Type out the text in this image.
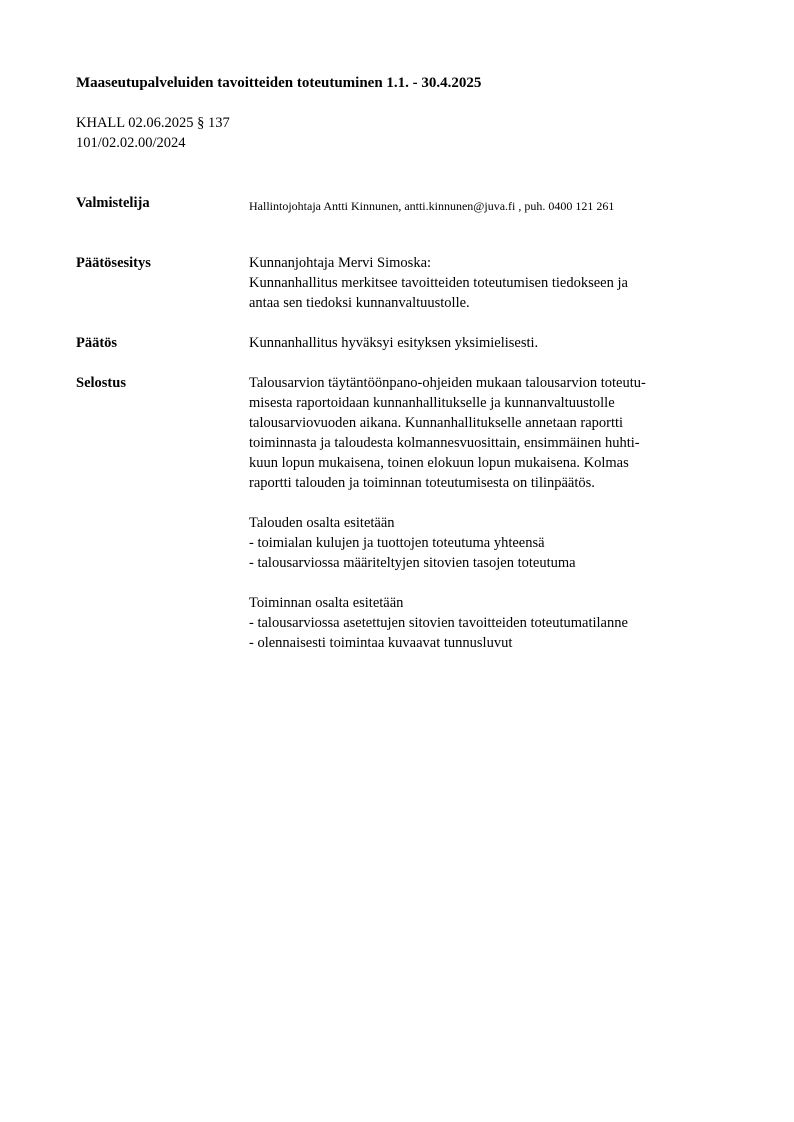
Maaseutupalveluiden tavoitteiden toteutuminen 1.1. - 30.4.2025
KHALL 02.06.2025 § 137
101/02.02.00/2024
Valmistelija	Hallintojohtaja Antti Kinnunen, antti.kinnunen@juva.fi , puh. 0400 121 261
Päätösesitys	Kunnanjohtaja Mervi Simoska:
Kunnanhallitus merkitsee tavoitteiden toteutumisen tiedokseen ja
antaa sen tiedoksi kunnanvaltuustolle.
Päätös	Kunnanhallitus hyväksyi esityksen yksimielisesti.
Selostus	Talousarvion täytäntöönpano-ohjeiden mukaan talousarvion toteutu-
misesta raportoidaan kunnanhallitukselle ja kunnanvaltuustolle
talousarviovuoden aikana. Kunnanhallitukselle annetaan raportti
toiminnasta ja taloudesta kolmannesvuosittain, ensimmäinen huhti-
kuun lopun mukaisena, toinen elokuun lopun mukaisena. Kolmas
raportti talouden ja toiminnan toteutumisesta on tilinpäätös.
Talouden osalta esitetään
- toimialan kulujen ja tuottojen toteutuma yhteensä
- talousarviossa määriteltyjen sitovien tasojen toteutuma
Toiminnan osalta esitetään
- talousarviossa asetettujen sitovien tavoitteiden toteutumatilanne
- olennaisesti toimintaa kuvaavat tunnusluvut
